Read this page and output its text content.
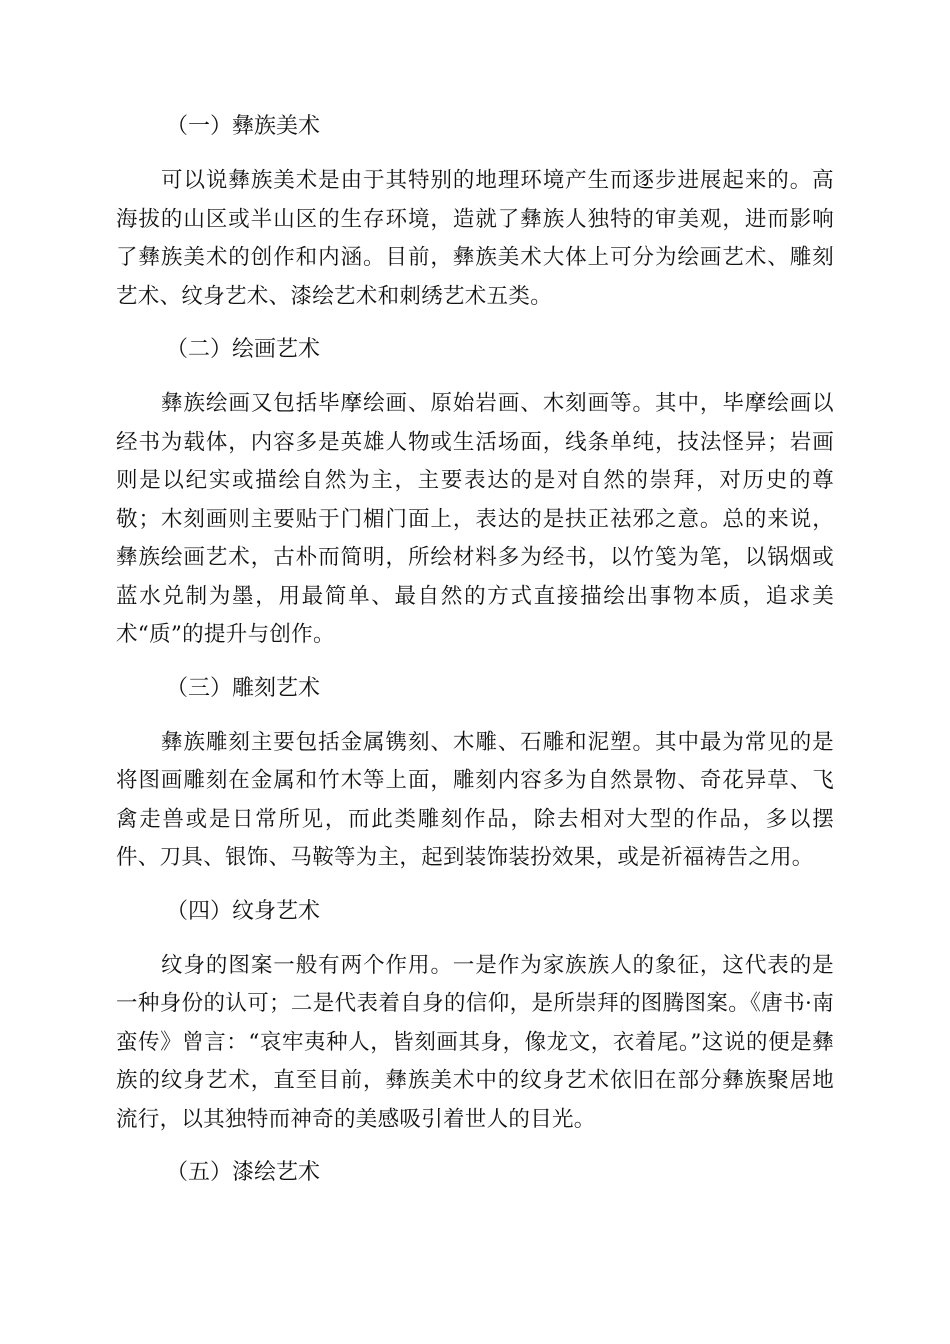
（一）彝族美术

可以说彝族美术是由于其特别的地理环境产生而逐步进展起来的。高海拔的山区或半山区的生存环境，造就了彝族人独特的审美观，进而影响了彝族美术的创作和内涵。目前，彝族美术大体上可分为绘画艺术、雕刻艺术、纹身艺术、漆绘艺术和刺绣艺术五类。

（二）绘画艺术

彝族绘画又包括毕摩绘画、原始岩画、木刻画等。其中，毕摩绘画以经书为载体，内容多是英雄人物或生活场面，线条单纯，技法怪异；岩画则是以纪实或描绘自然为主，主要表达的是对自然的崇拜，对历史的尊敬；木刻画则主要贴于门楣门面上，表达的是扶正祛邪之意。总的来说，彝族绘画艺术，古朴而简明，所绘材料多为经书，以竹笺为笔，以锅烟或蓝水兑制为墨，用最简单、最自然的方式直接描绘出事物本质，追求美术“质”的提升与创作。

（三）雕刻艺术

彝族雕刻主要包括金属镌刻、木雕、石雕和泥塑。其中最为常见的是将图画雕刻在金属和竹木等上面，雕刻内容多为自然景物、奇花异草、飞禽走兽或是日常所见，而此类雕刻作品，除去相对大型的作品，多以摆件、刀具、银饰、马鞍等为主，起到装饰装扮效果，或是祈福祷告之用。

（四）纹身艺术

纹身的图案一般有两个作用。一是作为家族族人的象征，这代表的是一种身份的认可；二是代表着自身的信仰，是所崇拜的图腾图案。《唐书·南蛮传》曾言：“哀牢夷种人，皆刻画其身，像龙文，衣着尾。”这说的便是彝族的纹身艺术，直至目前，彝族美术中的纹身艺术依旧在部分彝族聚居地流行，以其独特而神奇的美感吸引着世人的目光。

（五）漆绘艺术
